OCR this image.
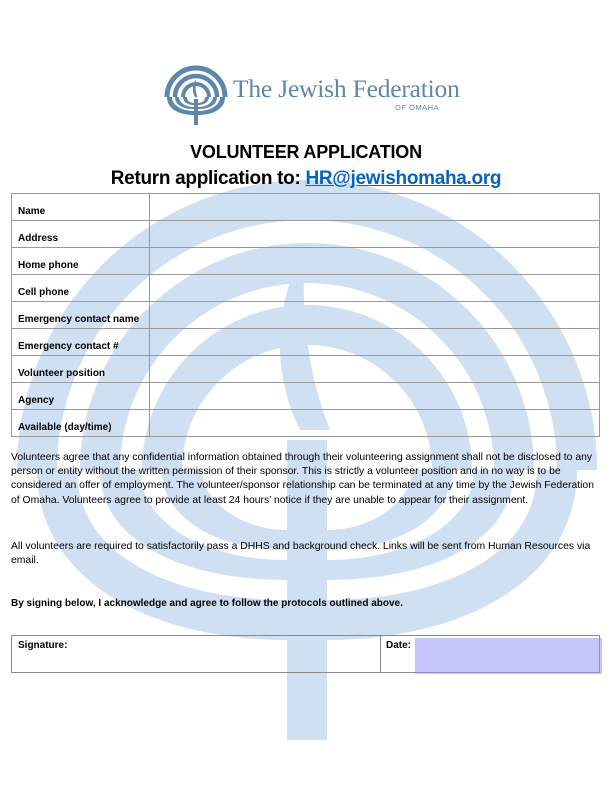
The Jewish Federation
OF OMAHA
VOLUNTEER APPLICATION
Return application to: HR@jewishomaha.org
Name	
Address	
Home phone	
Cell phone	
Emergency contact name	
Emergency contact #	
Volunteer position	
Agency	
Available (day/time)	
Volunteers agree that any confidential information obtained through their volunteering assignment shall not be disclosed to any person or entity without the written permission of their sponsor. This is strictly a volunteer position and in no way is to be considered an offer of employment. The volunteer/sponsor relationship can be terminated at any time by the Jewish Federation of Omaha. Volunteers agree to provide at least 24 hours’ notice if they are unable to appear for their assignment.
All volunteers are required to satisfactorily pass a DHHS and background check. Links will be sent from Human Resources via email.
By signing below, I acknowledge and agree to follow the protocols outlined above.
Signature:	Date:
